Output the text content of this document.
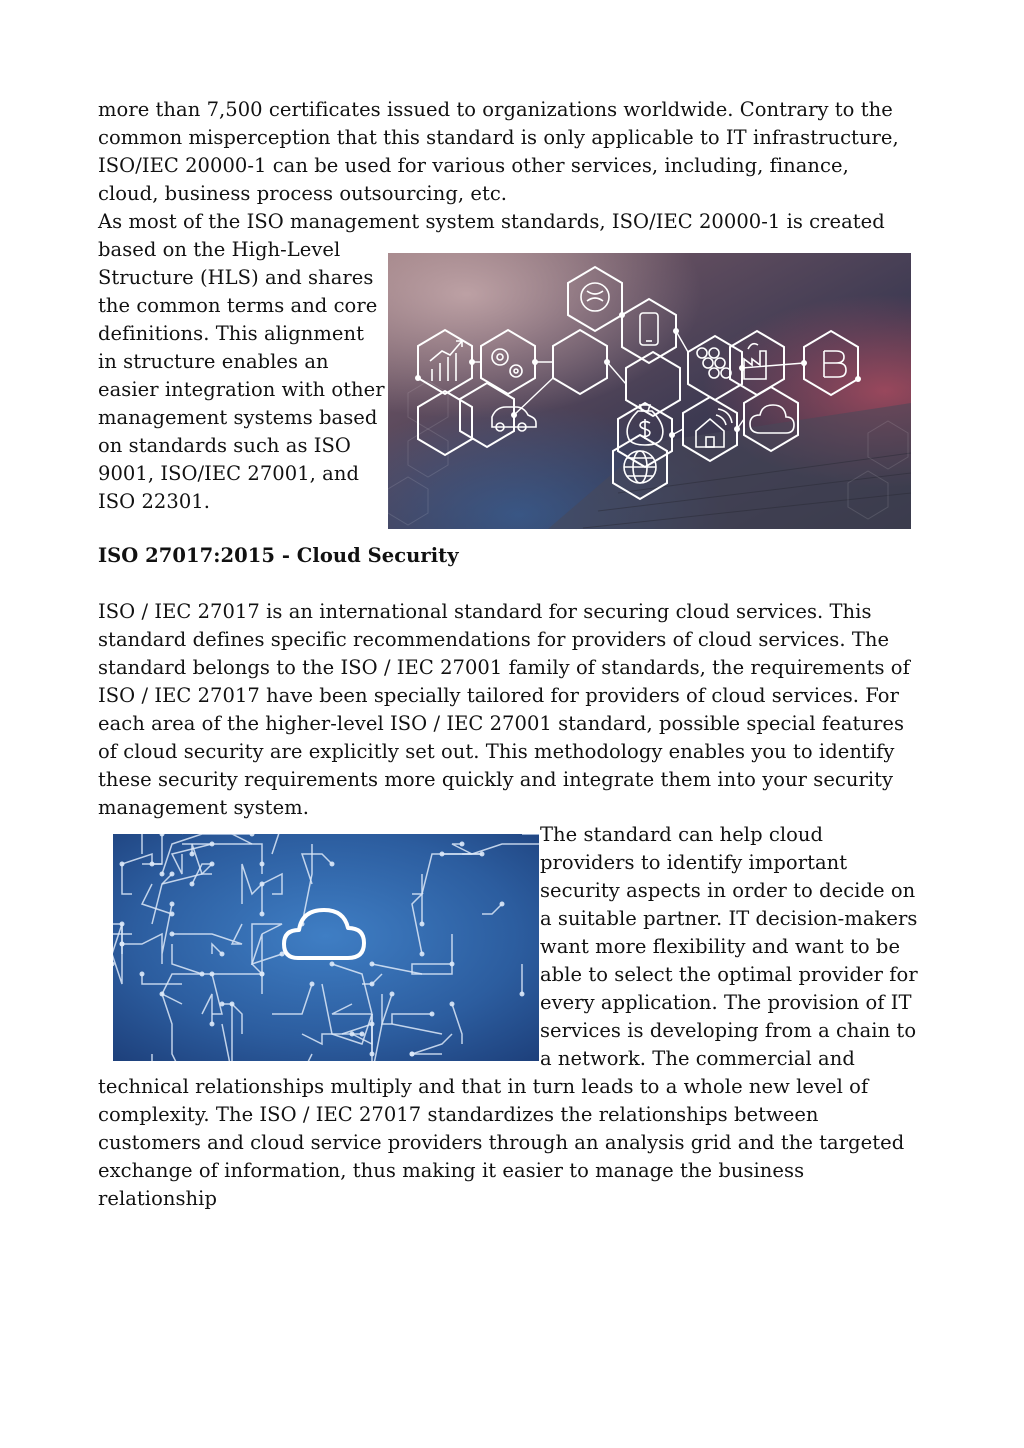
more than 7,500 certificates issued to organizations worldwide. Contrary to the
common misperception that this standard is only applicable to IT infrastructure,
ISO/IEC 20000-1 can be used for various other services, including, finance,
cloud, business process outsourcing, etc.
As most of the ISO management system standards, ISO/IEC 20000-1 is created
based on the High-Level
Structure (HLS) and shares
the common terms and core
definitions. This alignment
in structure enables an
easier integration with other
management systems based
on standards such as ISO
9001, ISO/IEC 27001, and
ISO 22301.
ISO 27017:2015 - Cloud Security
ISO / IEC 27017 is an international standard for securing cloud services. This
standard defines specific recommendations for providers of cloud services. The
standard belongs to the ISO / IEC 27001 family of standards, the requirements of
ISO / IEC 27017 have been specially tailored for providers of cloud services. For
each area of the higher-level ISO / IEC 27001 standard, possible special features
of cloud security are explicitly set out. This methodology enables you to identify
these security requirements more quickly and integrate them into your security
management system.
The standard can help cloud
providers to identify important
security aspects in order to decide on
a suitable partner. IT decision-makers
want more flexibility and want to be
able to select the optimal provider for
every application. The provision of IT
services is developing from a chain to
a network. The commercial and
technical relationships multiply and that in turn leads to a whole new level of
complexity. The ISO / IEC 27017 standardizes the relationships between
customers and cloud service providers through an analysis grid and the targeted
exchange of information, thus making it easier to manage the business
relationship
